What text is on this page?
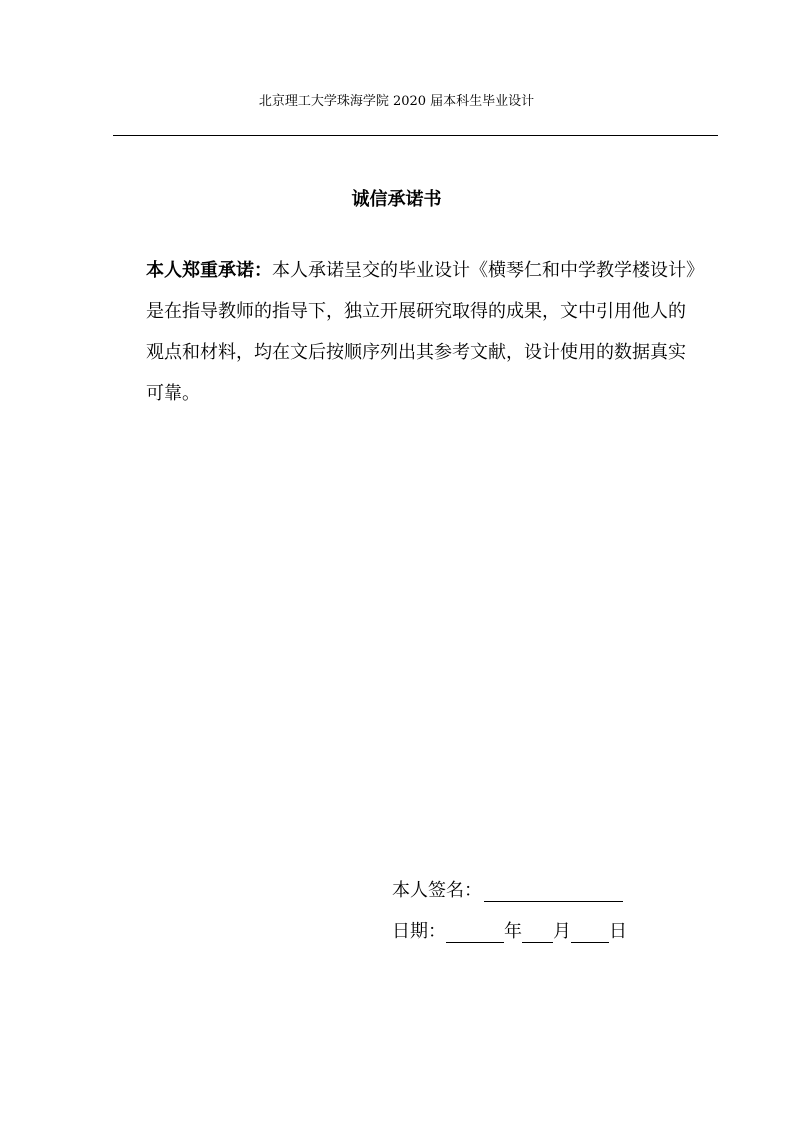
北京理工大学珠海学院 2020 届本科生毕业设计
诚信承诺书

本人郑重承诺：本人承诺呈交的毕业设计《横琴仁和中学教学楼设计》是在指导教师的指导下，独立开展研究取得的成果，文中引用他人的观点和材料，均在文后按顺序列出其参考文献，设计使用的数据真实可靠。

本人签名：
日期：	年 月 日
